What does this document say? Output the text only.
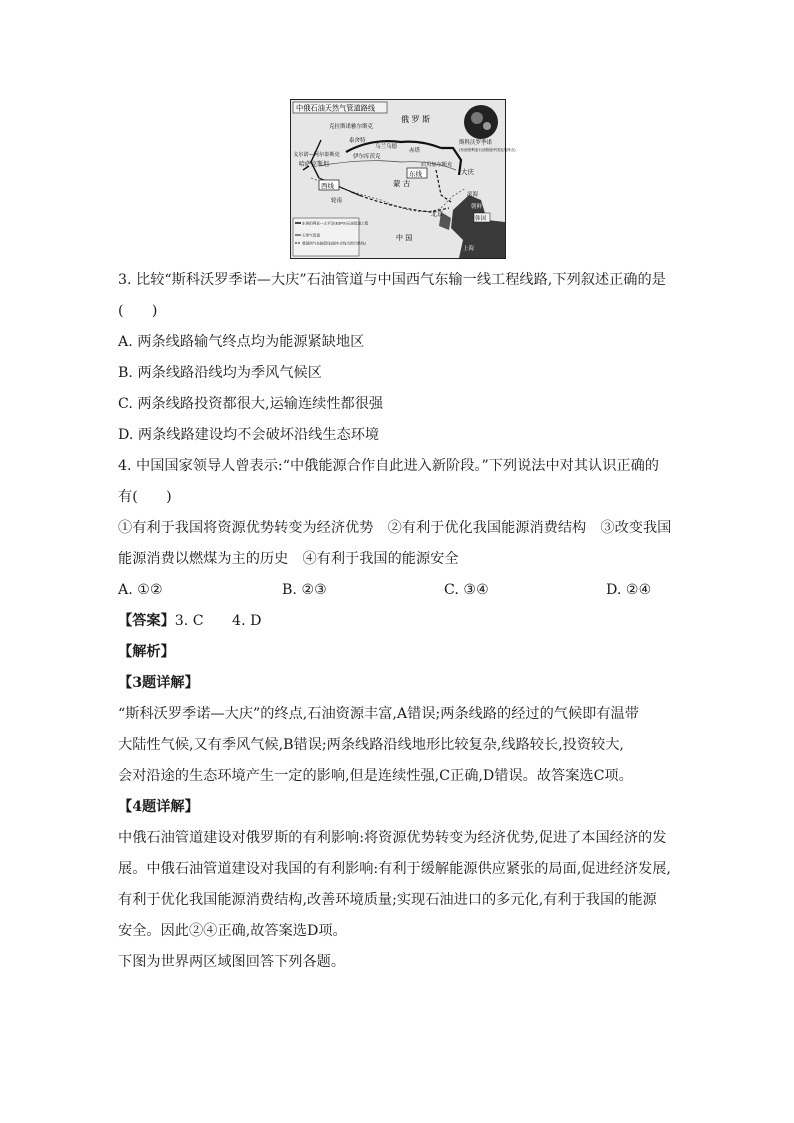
中俄石油天然气管道路线
俄 罗 斯
克拉斯诺雅尔斯克
泰舍特
乌兰乌德
伊尔库茨克
赤塔
斯科沃罗季诺
(东西伯利亚石油管道中国支线终点)
戈尔诺—阿尔泰斯克
哈萨克斯坦
西线
东线
后贝加尔斯克
大庆
蒙 古
轮南
北京
滨海
朝鲜
韩国
中 国
上海
东西伯利亚—太平洋(ESPO)石油管道工程
天然气管道
我国西气东输管线(图中点线为预计路线)
3. 比较“斯科沃罗季诺—大庆”石油管道与中国西气东输一线工程线路,下列叙述正确的是
(　　)
A. 两条线路输气终点均为能源紧缺地区
B. 两条线路沿线均为季风气候区
C. 两条线路投资都很大,运输连续性都很强
D. 两条线路建设均不会破坏沿线生态环境
4. 中国国家领导人曾表示:“中俄能源合作自此进入新阶段。”下列说法中对其认识正确的
有(　　)
①有利于我国将资源优势转变为经济优势　②有利于优化我国能源消费结构　③改变我国
能源消费以燃煤为主的历史　④有利于我国的能源安全
A. ①②	B. ②③	C. ③④	D. ②④
【答案】3. C　　4. D
【解析】
【3题详解】
“斯科沃罗季诺—大庆”的终点,石油资源丰富,A错误;两条线路的经过的气候即有温带
大陆性气候,又有季风气候,B错误;两条线路沿线地形比较复杂,线路较长,投资较大,
会对沿途的生态环境产生一定的影响,但是连续性强,C正确,D错误。故答案选C项。
【4题详解】
中俄石油管道建设对俄罗斯的有利影响:将资源优势转变为经济优势,促进了本国经济的发
展。中俄石油管道建设对我国的有利影响:有利于缓解能源供应紧张的局面,促进经济发展,
有利于优化我国能源消费结构,改善环境质量;实现石油进口的多元化,有利于我国的能源
安全。因此②④正确,故答案选D项。
下图为世界两区域图回答下列各题。
